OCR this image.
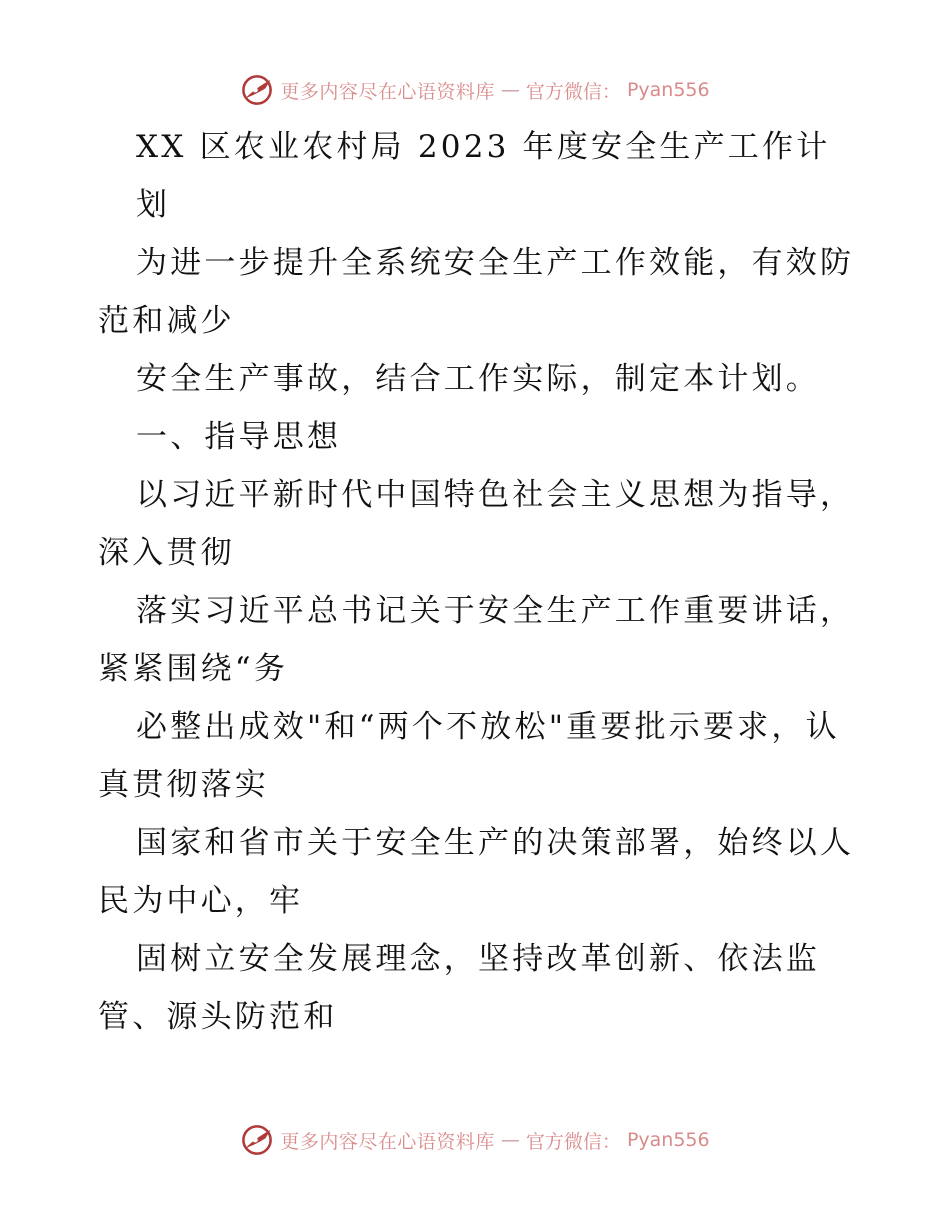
更多内容尽在心语资料库 — 官方微信： Pyan556
XX 区农业农村局 2023 年度安全生产工作计
划
为进一步提升全系统安全生产工作效能，有效防
范和减少
安全生产事故，结合工作实际，制定本计划。
一、指导思想
以习近平新时代中国特色社会主义思想为指导，
深入贯彻
落实习近平总书记关于安全生产工作重要讲话，
紧紧围绕“务
必整出成效"和“两个不放松"重要批示要求，认
真贯彻落实
国家和省市关于安全生产的决策部署，始终以人
民为中心，牢
固树立安全发展理念，坚持改革创新、依法监
管、源头防范和
更多内容尽在心语资料库 — 官方微信： Pyan556
